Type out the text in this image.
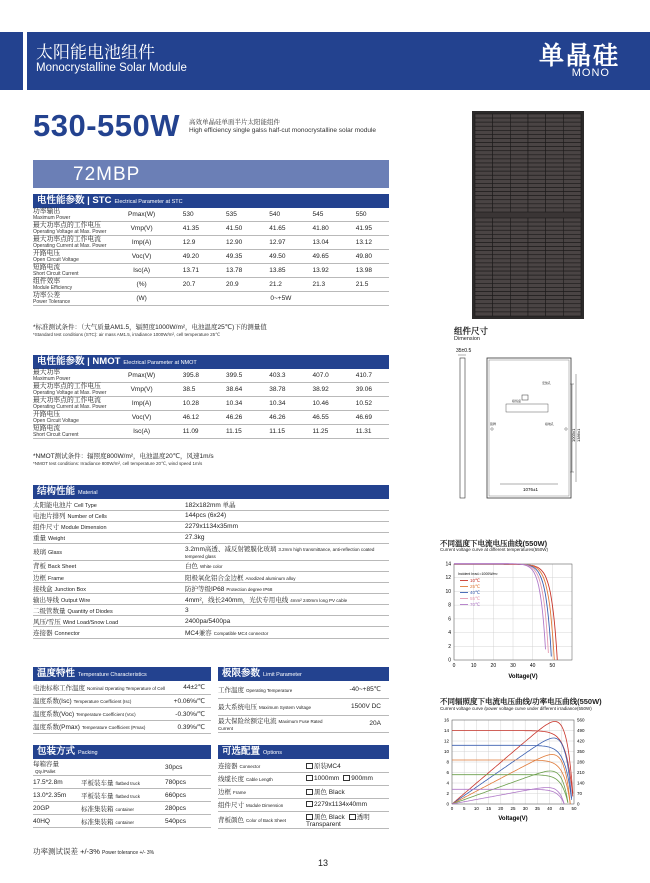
太阳能电池组件
Monocrystalline Solar Module	单晶硅
MONO
530-550W 高效单晶硅单面半片太阳能组件
High efficiency single galss half-cut monocrystalline solar module
72MBP
电性能参数 | STC Electrical Parameter at STC
功率输出
Maximum Power	Pmax(W)	530	535	540	545	550

最大功率点的工作电压
Operating Voltage at Max. Power	Vmp(V)	41.35	41.50	41.65	41.80	41.95

最大功率点的工作电流
Operating Current at Max. Power	Imp(A)	12.9	12.90	12.97	13.04	13.12

开路电压
Open Circuit Voltage	Voc(V)	49.20	49.35	49.50	49.65	49.80

短路电流
Short Circuit Current	Isc(A)	13.71	13.78	13.85	13.92	13.98

组件效率
Module Efficiency	(%)	20.7	20.9	21.2	21.3	21.5

功率公差
Power Tolerance	(W)	0~+5W				
*标准测试条件：（大气质量AM1.5，辐照度1000W/m²，电池温度25℃)下的测量值
*Standard test conditions (STC): air mass AM1.5, irradiance 1000W/m², cell temperature 25℃
电性能参数 | NMOT Electrical Parameter at NMOT
最大功率
Maximum Power	Pmax(W)	395.8	399.5	403.3	407.0	410.7

最大功率点的工作电压
Operating Voltage at Max. Power	Vmp(V)	38.5	38.64	38.78	38.92	39.06

最大功率点的工作电流
Operating Current at Max. Power	Imp(A)	10.28	10.34	10.34	10.46	10.52

开路电压
Open Circuit Voltage	Voc(V)	46.12	46.26	46.26	46.55	46.69

短路电流
Short Circuit Current	Isc(A)	11.09	11.15	11.15	11.25	11.31
*NMOT测试条件：辐照度800W/m²，电池温度20℃，风速1m/s
*NMOT test conditions: Irradiance 800W/m², cell temperature 20℃, wind speed 1m/s
结构性能 Material
太阳能电池片 Cell Type	182x182mm 单晶
电池片排列 Number of Cells	144pcs (6x24)
组件尺寸 Module Dimension	2279x1134x35mm
重量 Weight	27.3kg
玻璃 Glass	3.2mm高透、减反射镀膜化玻璃 3.2mm high transmittance, anti-reflection coated tempered glass
背板 Back Sheet	白色 White color
边框 Frame	阳极氧化铝合金边框 Anodized aluminum alloy
接线盒 Junction Box	防护等级IP68 Protection degree IP68
输出导线 Output Wire	4mm²，线长240mm，光伏专用电线 4mm² 240mm long PV cable
二级管数量 Quantity of Diodes	3
风压/雪压 Wind Load/Snow Load	2400pa/5400pa
连接器 Connector	MC4兼容 Compatible MC4 connector
温度特性 Temperature Characteristics
电池标称工作温度 Nominal Operating Temperature of Cell	44±2℃
温度系数(Isc) Temperature Coefficient (Isc)	+0.06%/℃
温度系数(Voc) Temperature Coefficient (Voc)	-0.30%/℃
温度系数(Pmax) Temperature Coefficient (Pmax)	0.39%/℃
极限参数 Limit Parameter
工作温度 Operating Temperature	-40~+85℃
最大系统电压 Maximum System Voltage	1500V DC
最大保险丝额定电流 Maximum Fuse Rated Current	20A
包装方式 Packing
每箱容量Qty./Pallet		30pcs
17.5*2.8m	平板装车量 flatbed truck	780pcs
13.0*2.35m	平板装车量 flatbed truck	660pcs
20GP	标准集装箱 container	280pcs
40HQ	标准集装箱 container	540pcs
可选配置 Options
连接器 Connector	原装MC4
线缆长度 Cable Length	1000mm 900mm
边框 Frame	黑色 Black
组件尺寸 Module Dimension	2279x1134x40mm
背板颜色 Color of Back Sheet	黑色 Black 透明 Transparent
功率测试误差 +/-3% Power tolerance +/- 3%
13
组件尺寸
Dimension
35±0.5
铭牌
接线盒
接地孔
安装孔
1003±1 1386±1
1076±1
不同温度下电流电压曲线(550W)
Current voltage curve at different temperatures(550W)
0
2
4
6
8
10
12
14
0	10	20	30	40	50
10℃
25℃
40℃
55℃
70℃
Incident Irrad.=1000W/m²
Voltage(V)
不同辐照度下电流电压曲线/功率电压曲线(550W)
Current voltage curve /power voltage curve under different irradiance(550W)
0
2
4
6
8
10
12
14
16
0
70
140
210
280
350
420
490
560
0 5 10 15 20 25 30 35 40 45 50
Voltage(V)
